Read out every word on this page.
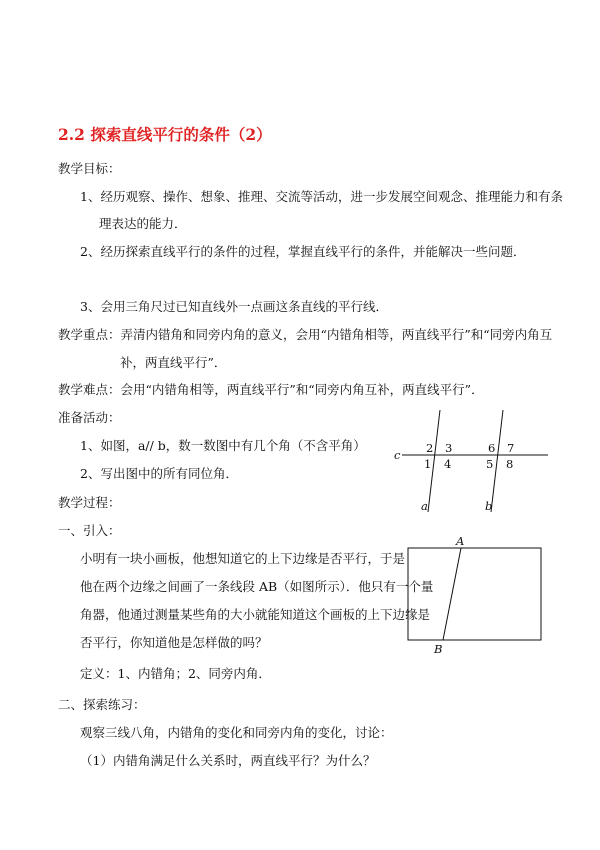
2.2 探索直线平行的条件（2）
教学目标：
1、经历观察、操作、想象、推理、交流等活动，进一步发展空间观念、推理能力和有条
理表达的能力．
2、经历探索直线平行的条件的过程，掌握直线平行的条件，并能解决一些问题．
3、会用三角尺过已知直线外一点画这条直线的平行线．
教学重点：弄清内错角和同旁内角的意义，会用“内错角相等，两直线平行”和“同旁内角互
补，两直线平行”．
教学难点：会用“内错角相等，两直线平行”和“同旁内角互补，两直线平行”．
准备活动：
1、如图，a// b，数一数图中有几个角（不含平角）
2、写出图中的所有同位角．
教学过程：
一、引入：
小明有一块小画板，他想知道它的上下边缘是否平行，于是
他在两个边缘之间画了一条线段 AB（如图所示）．他只有一个量
角器，他通过测量某些角的大小就能知道这个画板的上下边缘是
否平行，你知道他是怎样做的吗？
定义：1、内错角；2、同旁内角．
二、探索练习：
观察三线八角，内错角的变化和同旁内角的变化，讨论：
（1）内错角满足什么关系时，两直线平行？为什么？
c
a	b
2 3
1 4
6 7
5 8
A
B
